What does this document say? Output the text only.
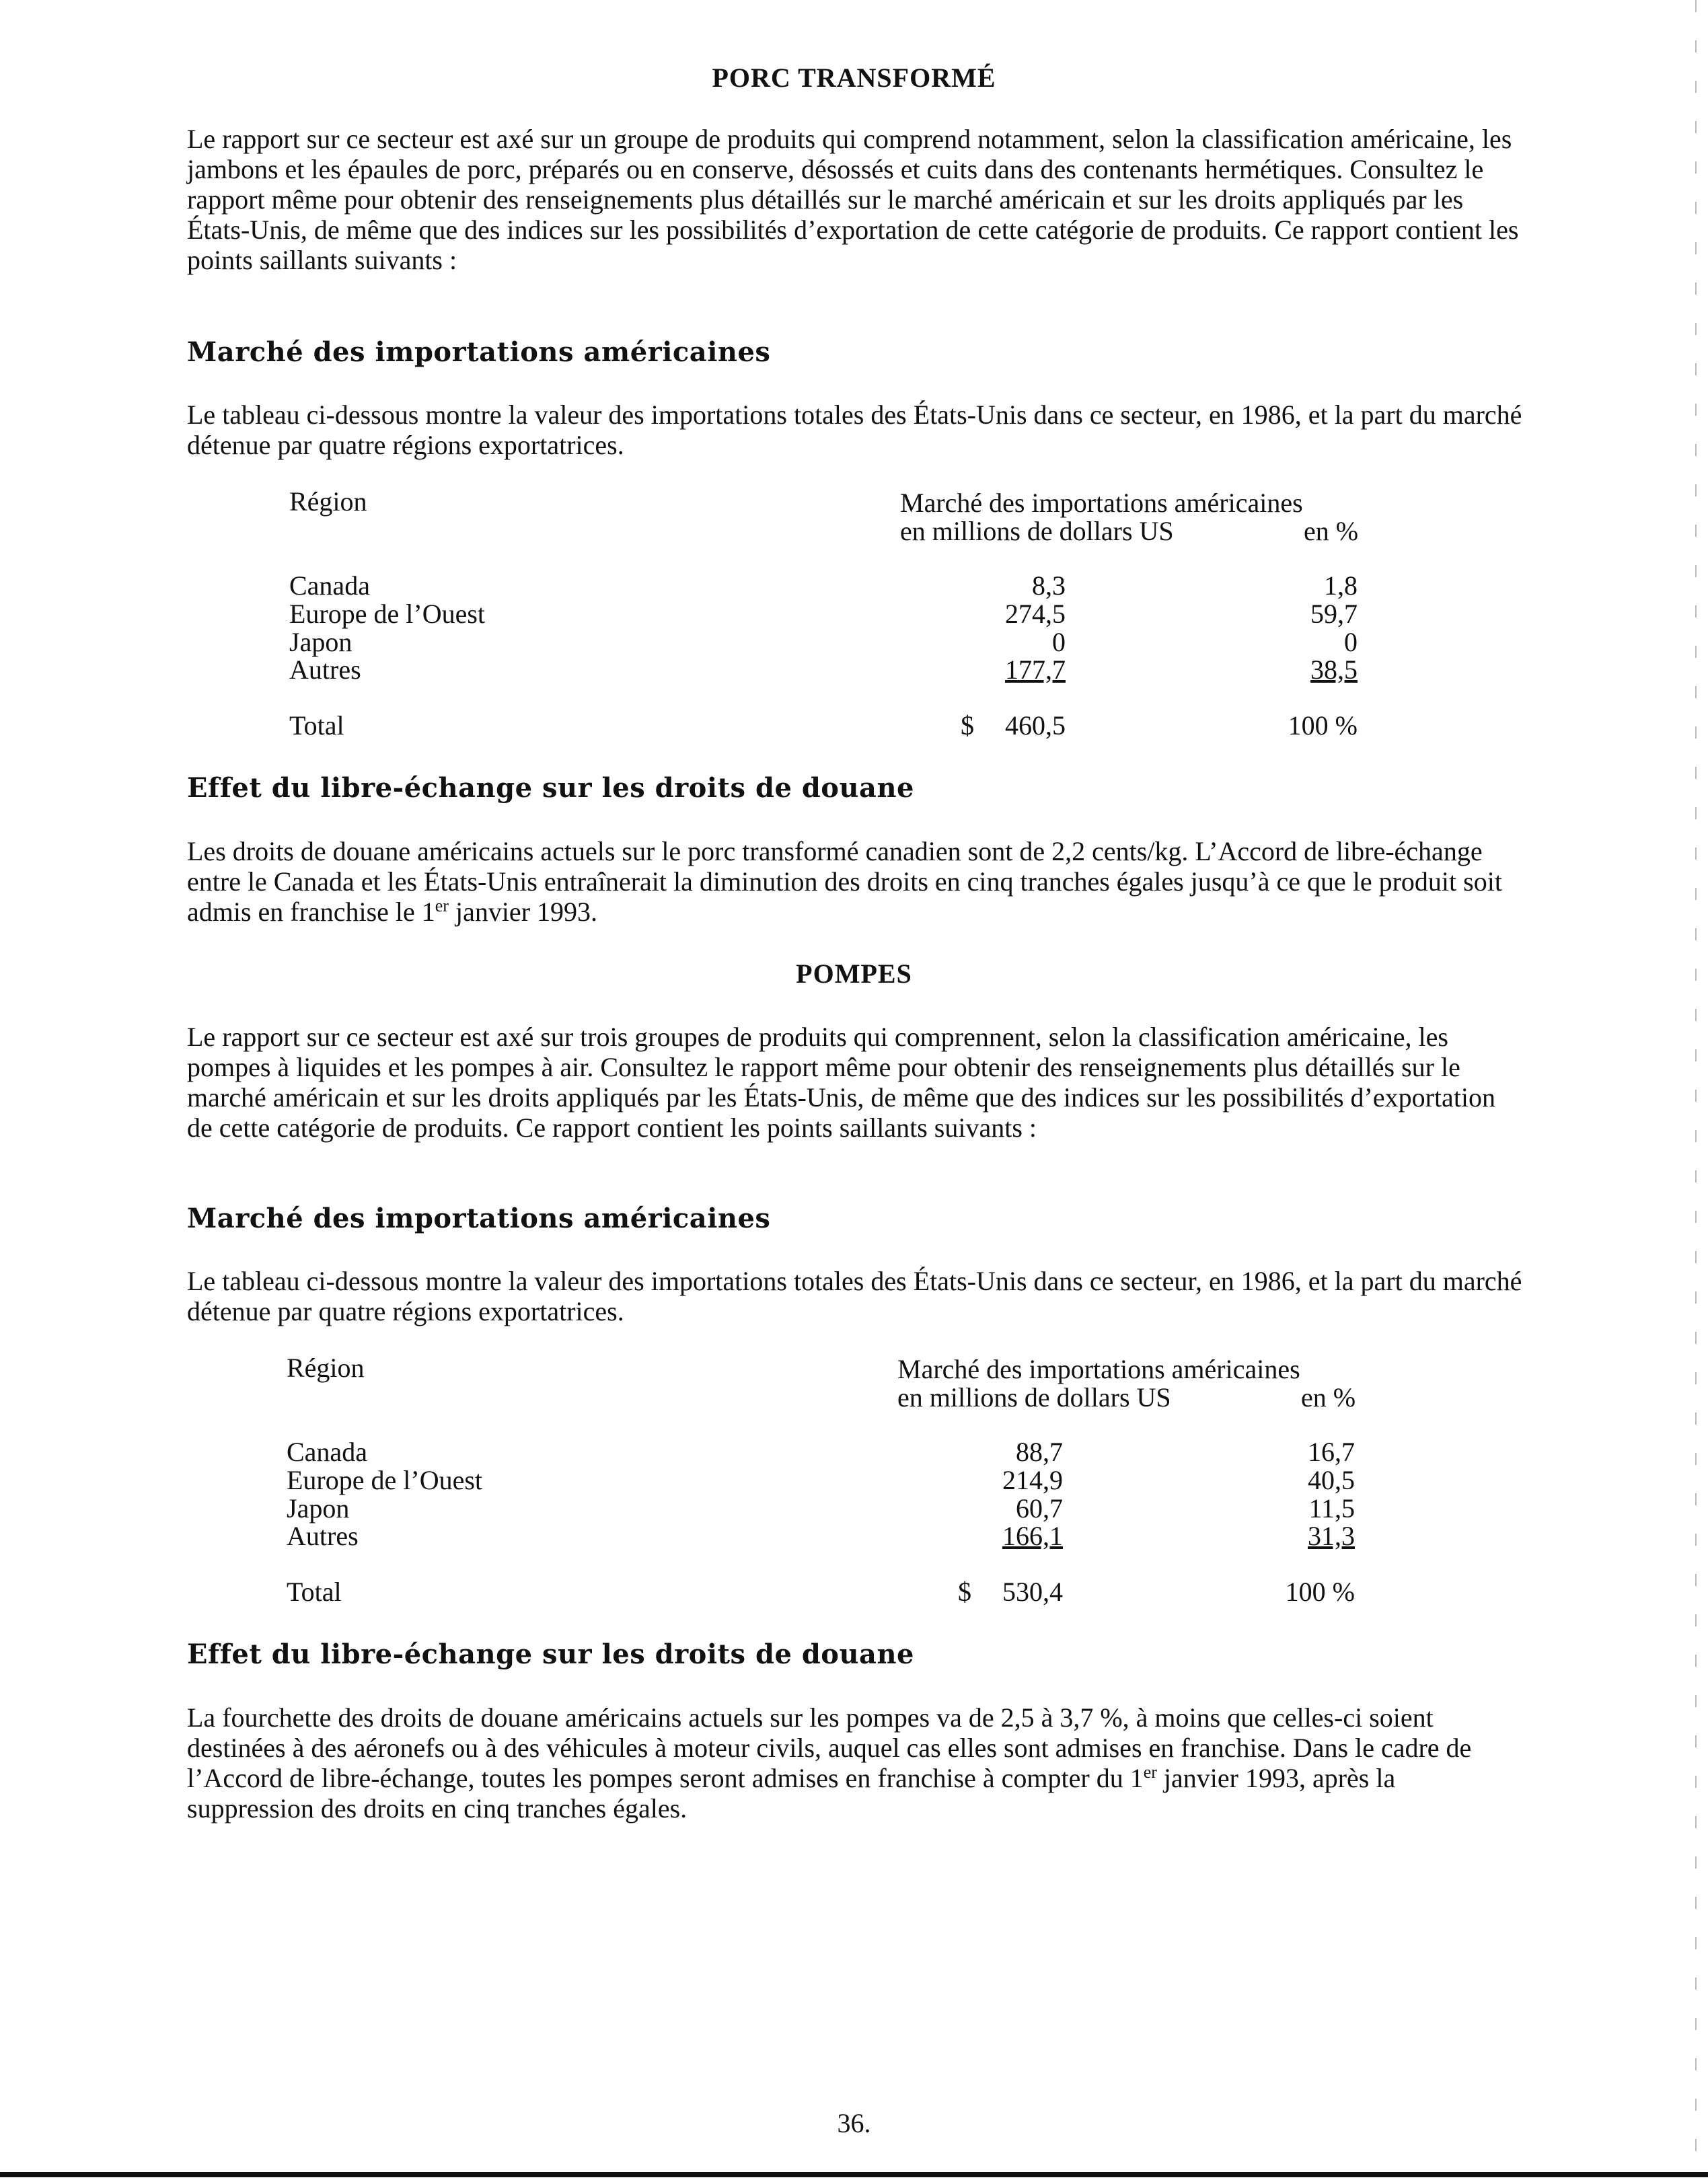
PORC TRANSFORMÉ

Le rapport sur ce secteur est axé sur un groupe de produits qui comprend notamment, selon la classification américaine, les jambons et les épaules de porc, préparés ou en conserve, désossés et cuits dans des contenants hermétiques. Consultez le rapport même pour obtenir des renseignements plus détaillés sur le marché américain et sur les droits appliqués par les États-Unis, de même que des indices sur les possibilités d’exportation de cette catégorie de produits. Ce rapport contient les points saillants suivants :

Marché des importations américaines

Le tableau ci-dessous montre la valeur des importations totales des États-Unis dans ce secteur, en 1986, et la part du marché détenue par quatre régions exportatrices.

Région	Marché des importations américaines
en millions de dollars US	en %
Canada	8,3	1,8
Europe de l’Ouest	274,5	59,7
Japon	0	0
Autres	177,7	38,5
Total	$	460,5	100 %
Effet du libre-échange sur les droits de douane

Les droits de douane américains actuels sur le porc transformé canadien sont de 2,2 cents/kg. L’Accord de libre-échange entre le Canada et les États-Unis entraînerait la diminution des droits en cinq tranches égales jusqu’à ce que le produit soit admis en franchise le 1er janvier 1993.

POMPES

Le rapport sur ce secteur est axé sur trois groupes de produits qui comprennent, selon la classification américaine, les pompes à liquides et les pompes à air. Consultez le rapport même pour obtenir des renseignements plus détaillés sur le marché américain et sur les droits appliqués par les États-Unis, de même que des indices sur les possibilités d’exportation de cette catégorie de produits. Ce rapport contient les points saillants suivants :

Marché des importations américaines

Le tableau ci-dessous montre la valeur des importations totales des États-Unis dans ce secteur, en 1986, et la part du marché détenue par quatre régions exportatrices.

Région	Marché des importations américaines
en millions de dollars US	en %
Canada	88,7	16,7
Europe de l’Ouest	214,9	40,5
Japon	60,7	11,5
Autres	166,1	31,3
Total	$	530,4	100 %
Effet du libre-échange sur les droits de douane

La fourchette des droits de douane américains actuels sur les pompes va de 2,5 à 3,7 %, à moins que celles-ci soient destinées à des aéronefs ou à des véhicules à moteur civils, auquel cas elles sont admises en franchise. Dans le cadre de l’Accord de libre-échange, toutes les pompes seront admises en franchise à compter du 1er janvier 1993, après la suppression des droits en cinq tranches égales.

36.
